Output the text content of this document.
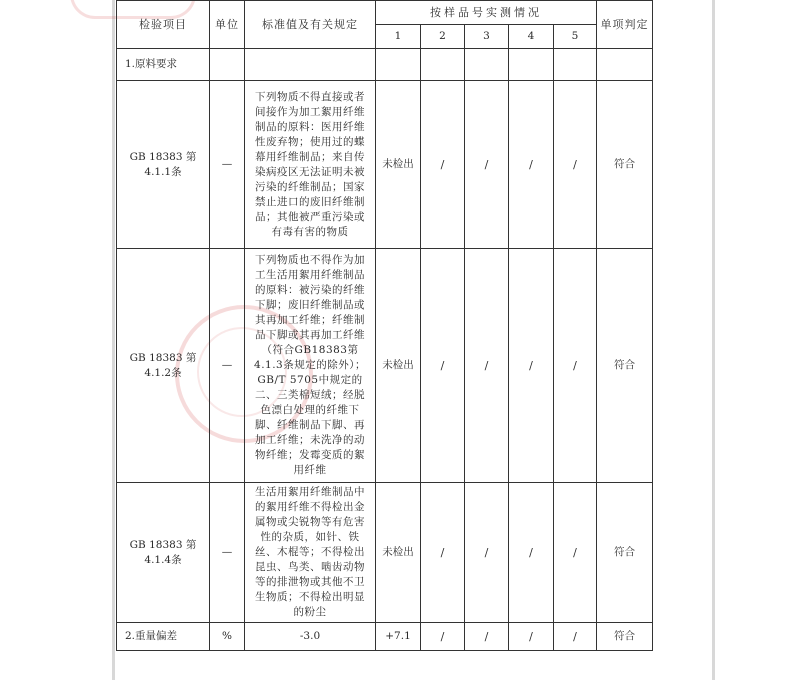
检验项目	单位	标准值及有关规定	按样品号实测情况					单项判定
			1	2	3	4	5	
1.原料要求								
GB 18383 第 4.1.1条	—	下列物质不得直接或者间接作为加工絮用纤维制品的原料：医用纤维性废弃物；使用过的蝶幕用纤维制品；来自传染病疫区无法证明未被污染的纤维制品；国家禁止进口的废旧纤维制品；其他被严重污染或有毒有害的物质	未检出	/	/	/	/	符合
GB 18383 第 4.1.2条	—	下列物质也不得作为加工生活用絮用纤维制品的原料：被污染的纤维下脚；废旧纤维制品或其再加工纤维；纤维制品下脚或其再加工纤维（符合GB18383第 4.1.3条规定的除外）；GB/T 5705中规定的二、三类棉短绒；经脱色漂白处理的纤维下脚、纤维制品下脚、再加工纤维；未洗净的动物纤维；发霉变质的絮用纤维	未检出	/	/	/	/	符合
GB 18383 第 4.1.4条	—	生活用絮用纤维制品中的絮用纤维不得检出金属物或尖锐物等有危害性的杂质，如针、铁丝、木棍等；不得检出昆虫、鸟类、啮齿动物等的排泄物或其他不卫生物质；不得检出明显的粉尘	未检出	/	/	/	/	符合
2.重量偏差	%	-3.0	+7.1	/	/	/	/	符合
